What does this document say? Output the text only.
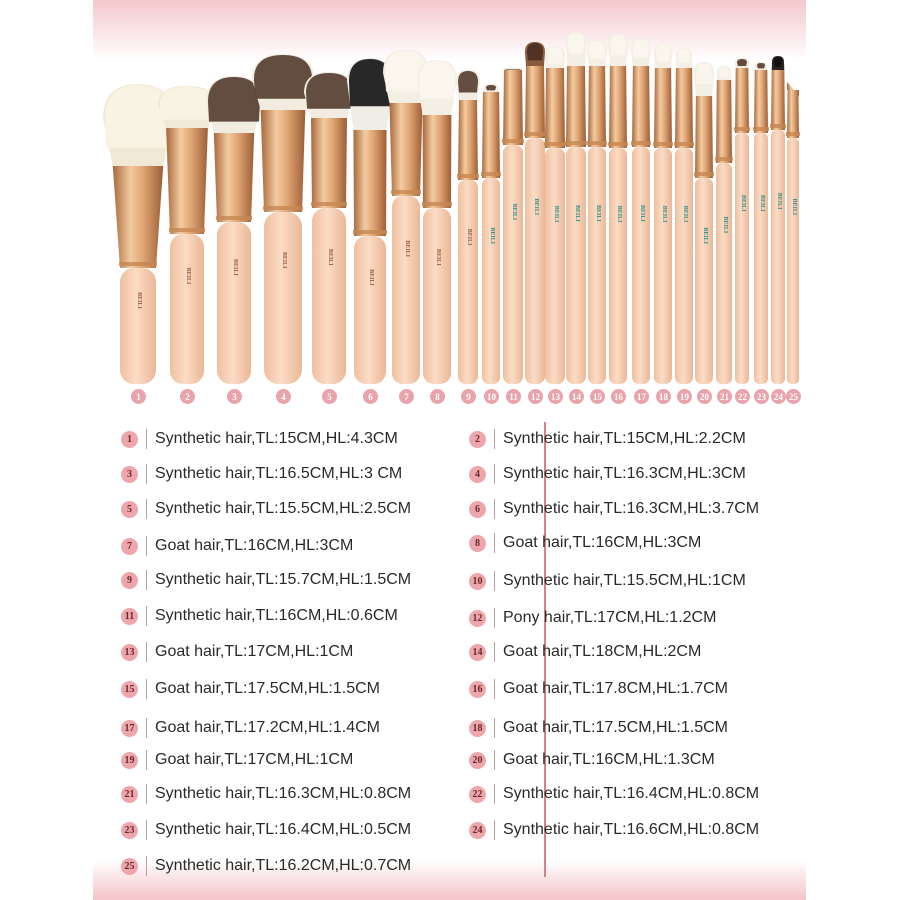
BEILI
BEILI
BEILI	BEILI	BEILI
BEILI
BEILI
BEILI
BEILI	BEILI
BEILI	BEILI BEILI	BEILI	BEILI	BEILI	BEILI	BEILI	BEILI
BEILI
BEILI
BEILI BEILI BEILI BEILI
1	2	3	4	5	6	7	8	9	10	11	12	13	14	15	16	17	18	19	20	21	22	23 24 25
1	Synthetic hair,TL:15CM,HL:4.3CM	2	Synthetic hair,TL:15CM,HL:2.2CM
3	Synthetic hair,TL:16.5CM,HL:3 CM	4	Synthetic hair,TL:16.3CM,HL:3CM
5	Synthetic hair,TL:15.5CM,HL:2.5CM	6	Synthetic hair,TL:16.3CM,HL:3.7CM
7	Goat hair,TL:16CM,HL:3CM	8	Goat hair,TL:16CM,HL:3CM
9	Synthetic hair,TL:15.7CM,HL:1.5CM	10 Synthetic hair,TL:15.5CM,HL:1CM
11 Synthetic hair,TL:16CM,HL:0.6CM	12 Pony hair,TL:17CM,HL:1.2CM
13 Goat hair,TL:17CM,HL:1CM	14 Goat hair,TL:18CM,HL:2CM
15 Goat hair,TL:17.5CM,HL:1.5CM	16 Goat hair,TL:17.8CM,HL:1.7CM
17 Goat hair,TL:17.2CM,HL:1.4CM	18 Goat hair,TL:17.5CM,HL:1.5CM
19 Goat hair,TL:17CM,HL:1CM	20 Goat hair,TL:16CM,HL:1.3CM
21 Synthetic hair,TL:16.3CM,HL:0.8CM	22 Synthetic hair,TL:16.4CM,HL:0.8CM
23 Synthetic hair,TL:16.4CM,HL:0.5CM	24 Synthetic hair,TL:16.6CM,HL:0.8CM
25 Synthetic hair,TL:16.2CM,HL:0.7CM
